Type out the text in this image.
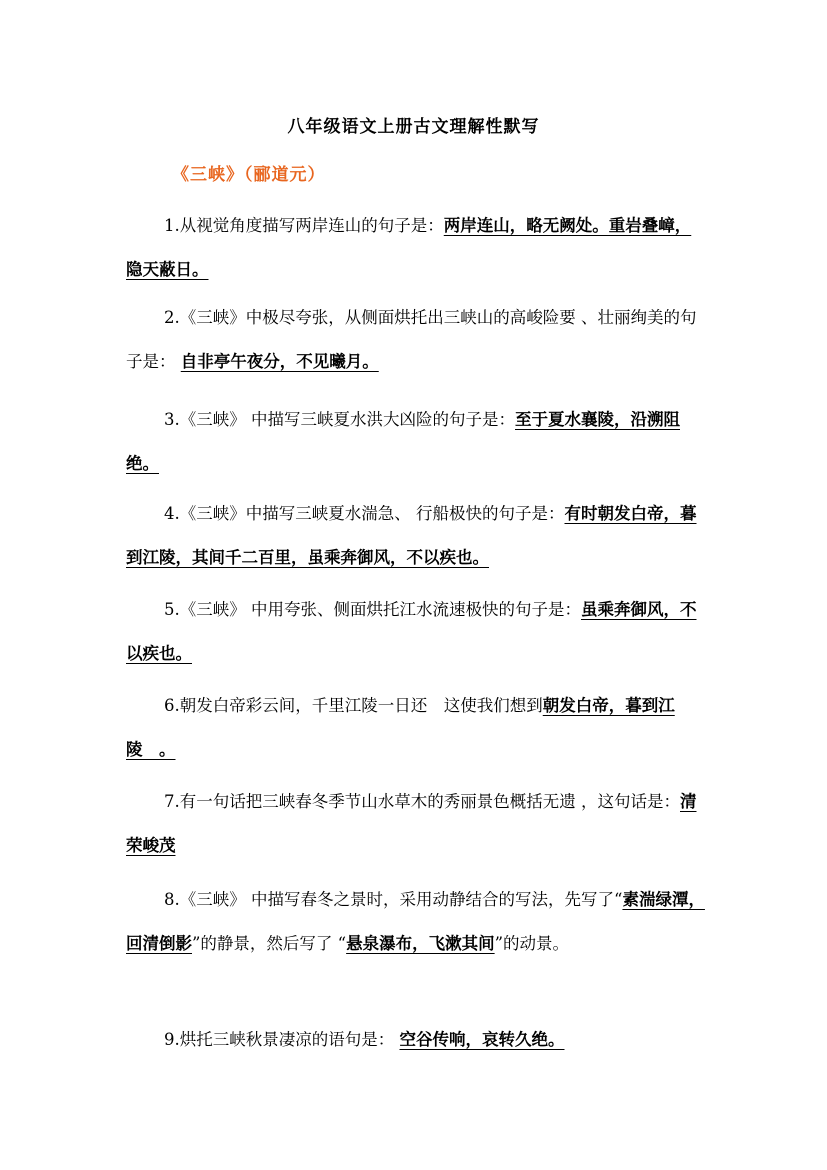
八年级语文上册古文理解性默写
《三峡》（郦道元）
1.从视觉角度描写两岸连山的句子是：两岸连山，略无阙处。重岩叠嶂，隐天蔽日。
2.《三峡》中极尽夸张，从侧面烘托出三峡山的高峻险要 、壮丽绚美的句子是： 自非亭午夜分，不见曦月。
3.《三峡》 中描写三峡夏水洪大凶险的句子是：至于夏水襄陵，沿溯阻绝。
4.《三峡》中描写三峡夏水湍急、 行船极快的句子是：有时朝发白帝，暮到江陵，其间千二百里，虽乘奔御风，不以疾也。
5.《三峡》 中用夸张、侧面烘托江水流速极快的句子是：虽乘奔御风，不以疾也。
6.朝发白帝彩云间，千里江陵一日还　这使我们想到朝发白帝，暮到江陵　。
7.有一句话把三峡春冬季节山水草木的秀丽景色概括无遗 ，这句话是：清荣峻茂
8.《三峡》 中描写春冬之景时，采用动静结合的写法，先写了“素湍绿潭，回清倒影”的静景，然后写了 “悬泉瀑布，飞漱其间”的动景。
9.烘托三峡秋景凄凉的语句是： 空谷传响，哀转久绝。
